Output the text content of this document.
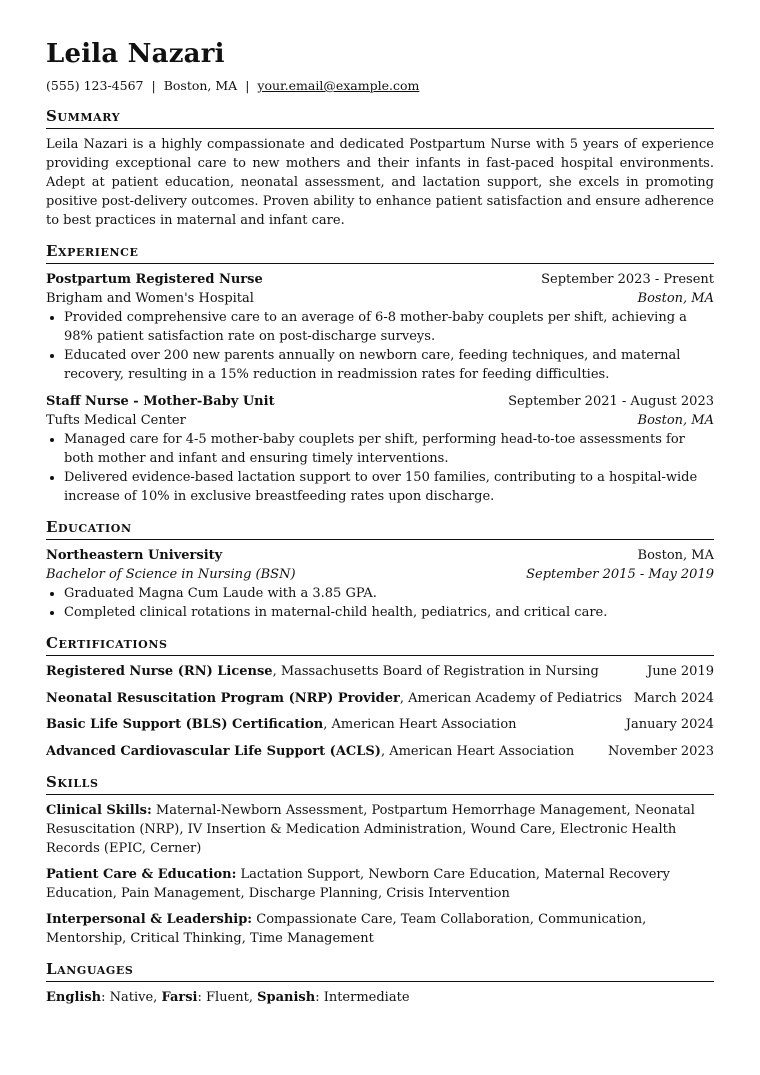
Leila Nazari
(555) 123-4567 | Boston, MA | your.email@example.com
Summary
Leila Nazari is a highly compassionate and dedicated Postpartum Nurse with 5 years of experience providing exceptional care to new mothers and their infants in fast-paced hospital environments. Adept at patient education, neonatal assessment, and lactation support, she excels in promoting positive post-delivery outcomes. Proven ability to enhance patient satisfaction and ensure adherence to best practices in maternal and infant care.
Experience
Postpartum Registered Nurse	September 2023 - Present
Brigham and Women's Hospital	Boston, MA
• Provided comprehensive care to an average of 6-8 mother-baby couplets per shift, achieving a 98% patient satisfaction rate on post-discharge surveys.
• Educated over 200 new parents annually on newborn care, feeding techniques, and maternal recovery, resulting in a 15% reduction in readmission rates for feeding difficulties.
Staff Nurse - Mother-Baby Unit	September 2021 - August 2023
Tufts Medical Center	Boston, MA
• Managed care for 4-5 mother-baby couplets per shift, performing head-to-toe assessments for both mother and infant and ensuring timely interventions.
• Delivered evidence-based lactation support to over 150 families, contributing to a hospital-wide increase of 10% in exclusive breastfeeding rates upon discharge.
Education
Northeastern University	Boston, MA
Bachelor of Science in Nursing (BSN)	September 2015 - May 2019
• Graduated Magna Cum Laude with a 3.85 GPA.
• Completed clinical rotations in maternal-child health, pediatrics, and critical care.
Certifications
Registered Nurse (RN) License, Massachusetts Board of Registration in Nursing	June 2019
Neonatal Resuscitation Program (NRP) Provider, American Academy of Pediatrics March 2024
Basic Life Support (BLS) Certification, American Heart Association	January 2024
Advanced Cardiovascular Life Support (ACLS), American Heart Association	November 2023
Skills
Clinical Skills: Maternal-Newborn Assessment, Postpartum Hemorrhage Management, Neonatal Resuscitation (NRP), IV Insertion & Medication Administration, Wound Care, Electronic Health Records (EPIC, Cerner)
Patient Care & Education: Lactation Support, Newborn Care Education, Maternal Recovery Education, Pain Management, Discharge Planning, Crisis Intervention
Interpersonal & Leadership: Compassionate Care, Team Collaboration, Communication, Mentorship, Critical Thinking, Time Management
Languages
English: Native, Farsi: Fluent, Spanish: Intermediate
